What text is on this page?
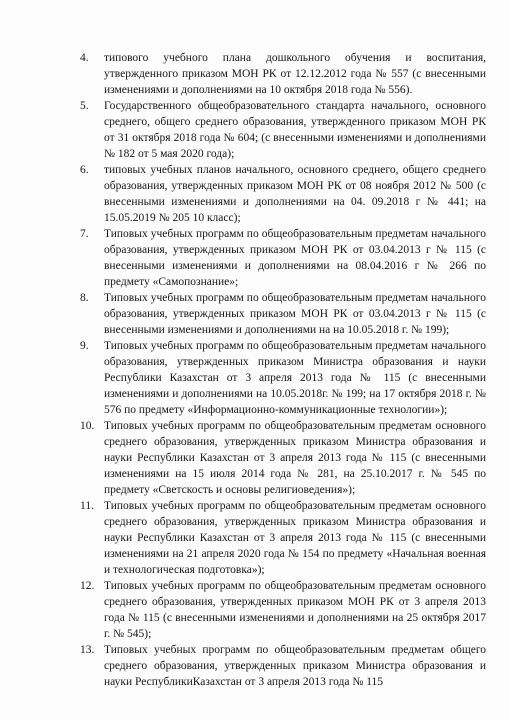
4.	типового учебного плана дошкольного обучения и воспитания, утвержденного приказом МОН РК от 12.12.2012 года № 557 (с внесенными изменениями и дополнениями на 10 октября 2018 года № 556).
5.	Государственного общеобразовательного стандарта начального, основного среднего, общего среднего образования, утвержденного приказом МОН РК от 31 октября 2018 года № 604; (с внесенными изменениями и дополнениями № 182 от 5 мая 2020 года);
6.	типовых учебных планов начального, основного среднего, общего среднего образования, утвержденных приказом МОН РК от 08 ноября 2012 № 500 (с внесенными изменениями и дополнениями на 04. 09.2018 г № 441; на 15.05.2019 № 205 10 класс);
7.	Типовых учебных программ по общеобразовательным предметам начального образования, утвержденных приказом МОН РК от 03.04.2013 г № 115 (с внесенными изменениями и дополнениями на 08.04.2016 г № 266 по предмету «Самопознание»;
8.	Типовых учебных программ по общеобразовательным предметам начального образования, утвержденных приказом МОН РК от 03.04.2013 г № 115 (с внесенными изменениями и дополнениями на на 10.05.2018 г. № 199);
9.	Типовых учебных программ по общеобразовательным предметам начального образования, утвержденных приказом Министра образования и науки Республики Казахстан от 3 апреля 2013 года № 115 (с внесенными изменениями и дополнениями на 10.05.2018г. № 199; на 17 октября 2018 г. № 576 по предмету «Информационно-коммуникационные технологии»);
10. Типовых учебных программ по общеобразовательным предметам основного среднего образования, утвержденных приказом Министра образования и науки Республики Казахстан от 3 апреля 2013 года № 115 (с внесенными изменениями на 15 июля 2014 года № 281, на 25.10.2017 г. № 545 по предмету «Светскость и основы религиоведения»);
11. Типовых учебных программ по общеобразовательным предметам основного среднего образования, утвержденных приказом Министра образования и науки Республики Казахстан от 3 апреля 2013 года № 115 (с внесенными изменениями на 21 апреля 2020 года № 154 по предмету «Начальная военная и технологическая подготовка»);
12. Типовых учебных программ по общеобразовательным предметам основного среднего образования, утвержденных приказом МОН РК от 3 апреля 2013 года № 115 (с внесенными изменениями и дополнениями на 25 октября 2017 г. № 545);
13. Типовых учебных программ по общеобразовательным предметам общего среднего образования, утвержденных приказом Министра образования и науки РеспубликиКазахстан от 3 апреля 2013 года № 115
